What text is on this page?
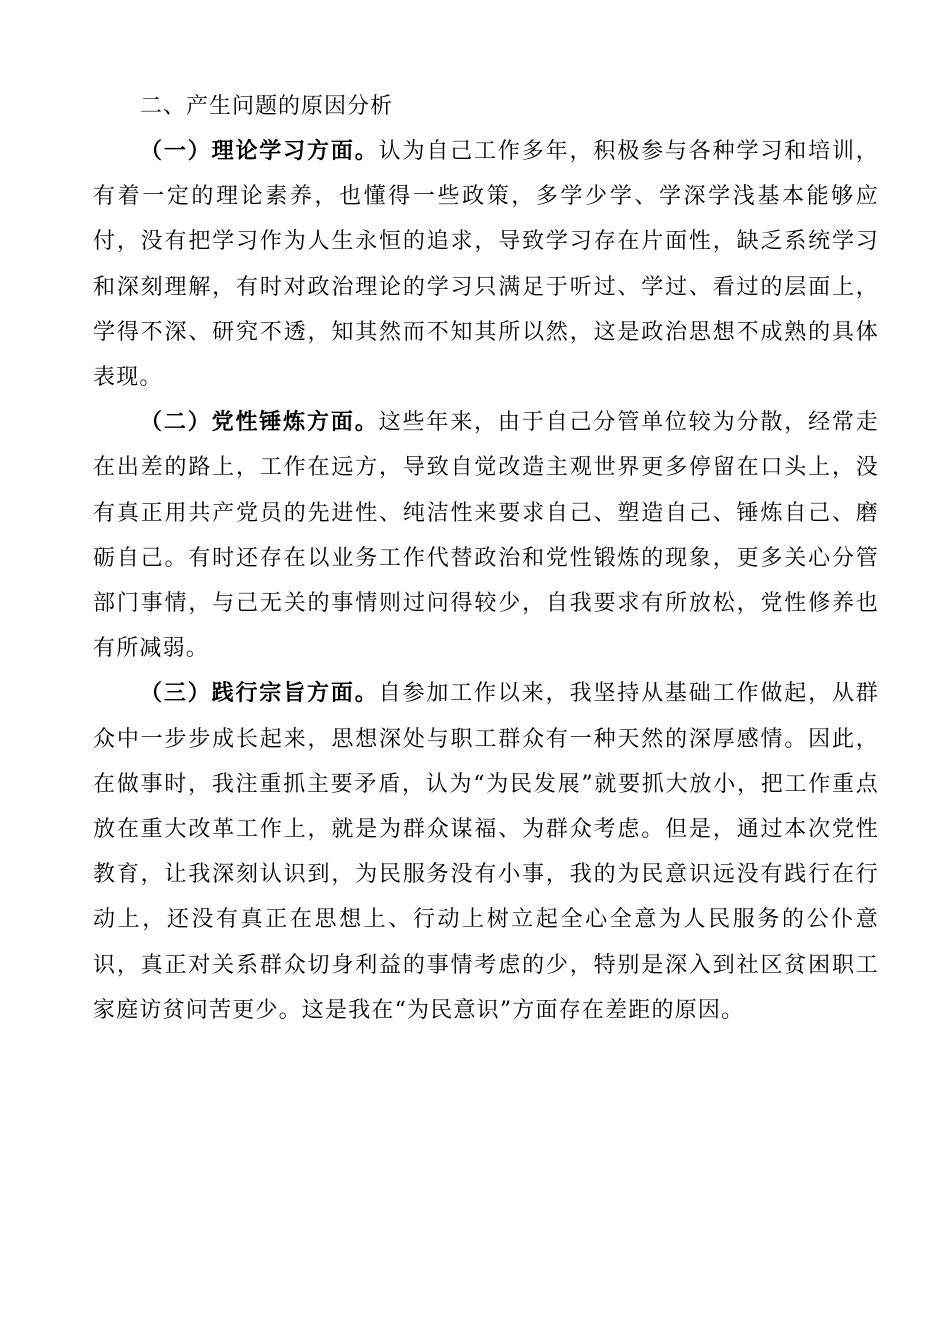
二、产生问题的原因分析

（一）理论学习方面。认为自己工作多年，积极参与各种学习和培训，有着一定的理论素养，也懂得一些政策，多学少学、学深学浅基本能够应付，没有把学习作为人生永恒的追求，导致学习存在片面性，缺乏系统学习和深刻理解，有时对政治理论的学习只满足于听过、学过、看过的层面上，学得不深、研究不透，知其然而不知其所以然，这是政治思想不成熟的具体表现。

（二）党性锤炼方面。这些年来，由于自己分管单位较为分散，经常走在出差的路上，工作在远方，导致自觉改造主观世界更多停留在口头上，没有真正用共产党员的先进性、纯洁性来要求自己、塑造自己、锤炼自己、磨砺自己。有时还存在以业务工作代替政治和党性锻炼的现象，更多关心分管部门事情，与己无关的事情则过问得较少，自我要求有所放松，党性修养也有所减弱。

（三）践行宗旨方面。自参加工作以来，我坚持从基础工作做起，从群众中一步步成长起来，思想深处与职工群众有一种天然的深厚感情。因此，在做事时，我注重抓主要矛盾，认为“为民发展”就要抓大放小，把工作重点放在重大改革工作上，就是为群众谋福、为群众考虑。但是，通过本次党性教育，让我深刻认识到，为民服务没有小事，我的为民意识远没有践行在行动上，还没有真正在思想上、行动上树立起全心全意为人民服务的公仆意识，真正对关系群众切身利益的事情考虑的少，特别是深入到社区贫困职工家庭访贫问苦更少。这是我在“为民意识”方面存在差距的原因。
